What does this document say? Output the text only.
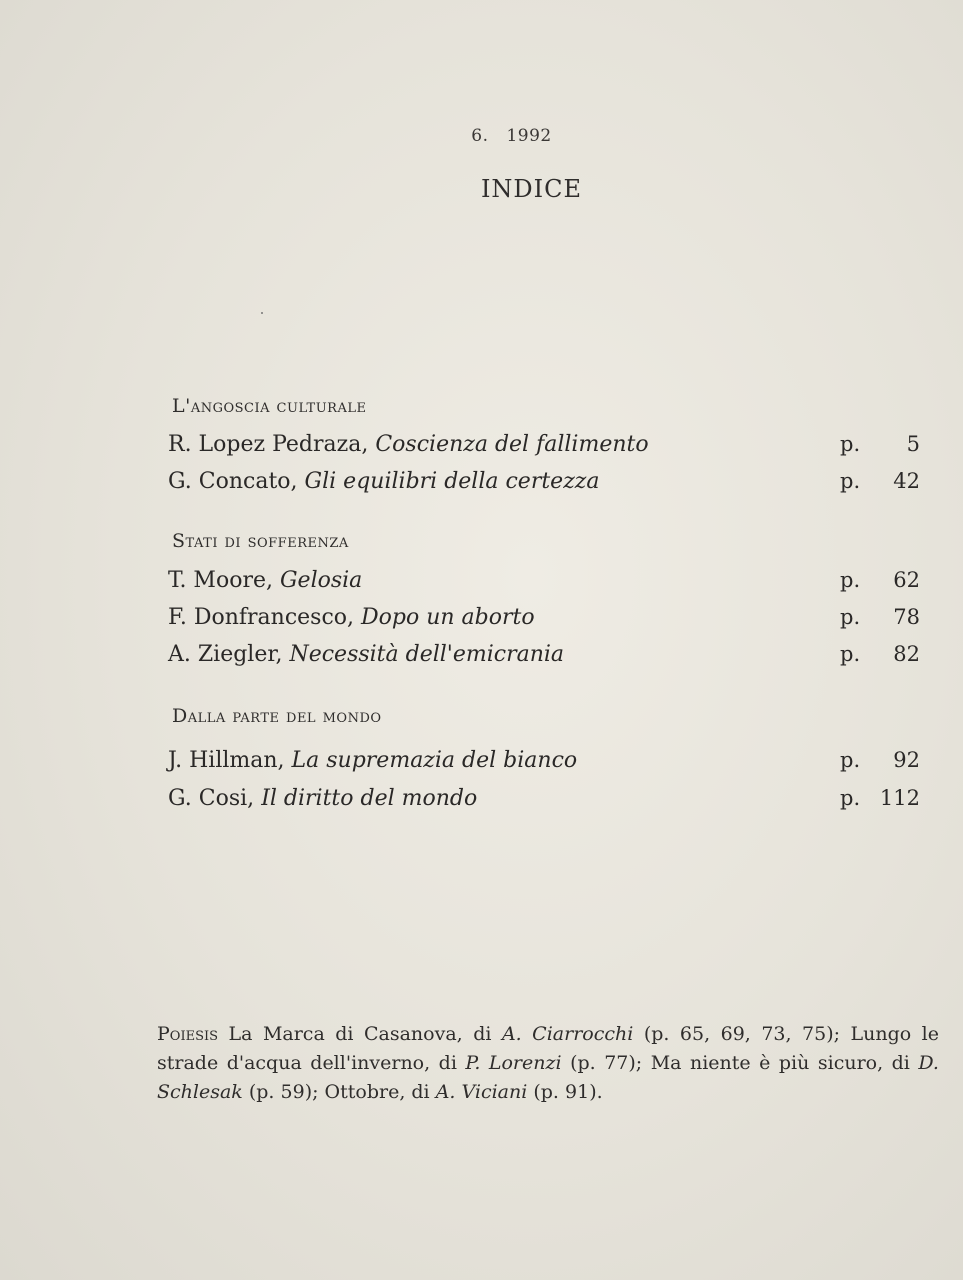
6. 1992
INDICE
L'angoscia culturale
R. Lopez Pedraza, Coscienza del fallimento	p. 5
G. Concato, Gli equilibri della certezza	p. 42
Stati di sofferenza
T. Moore, Gelosia	p. 62
F. Donfrancesco, Dopo un aborto	p. 78
A. Ziegler, Necessità dell'emicrania	p. 82
Dalla parte del mondo
J. Hillman, La supremazia del bianco	p. 92
G. Cosi, Il diritto del mondo	p. 112
Poiesis La Marca di Casanova, di A. Ciarrocchi (p. 65, 69, 73, 75); Lungo le strade d'acqua dell'inverno, di P. Lorenzi (p. 77); Ma niente è più sicuro, di D. Schlesak (p. 59); Ottobre, di A. Viciani (p. 91).
